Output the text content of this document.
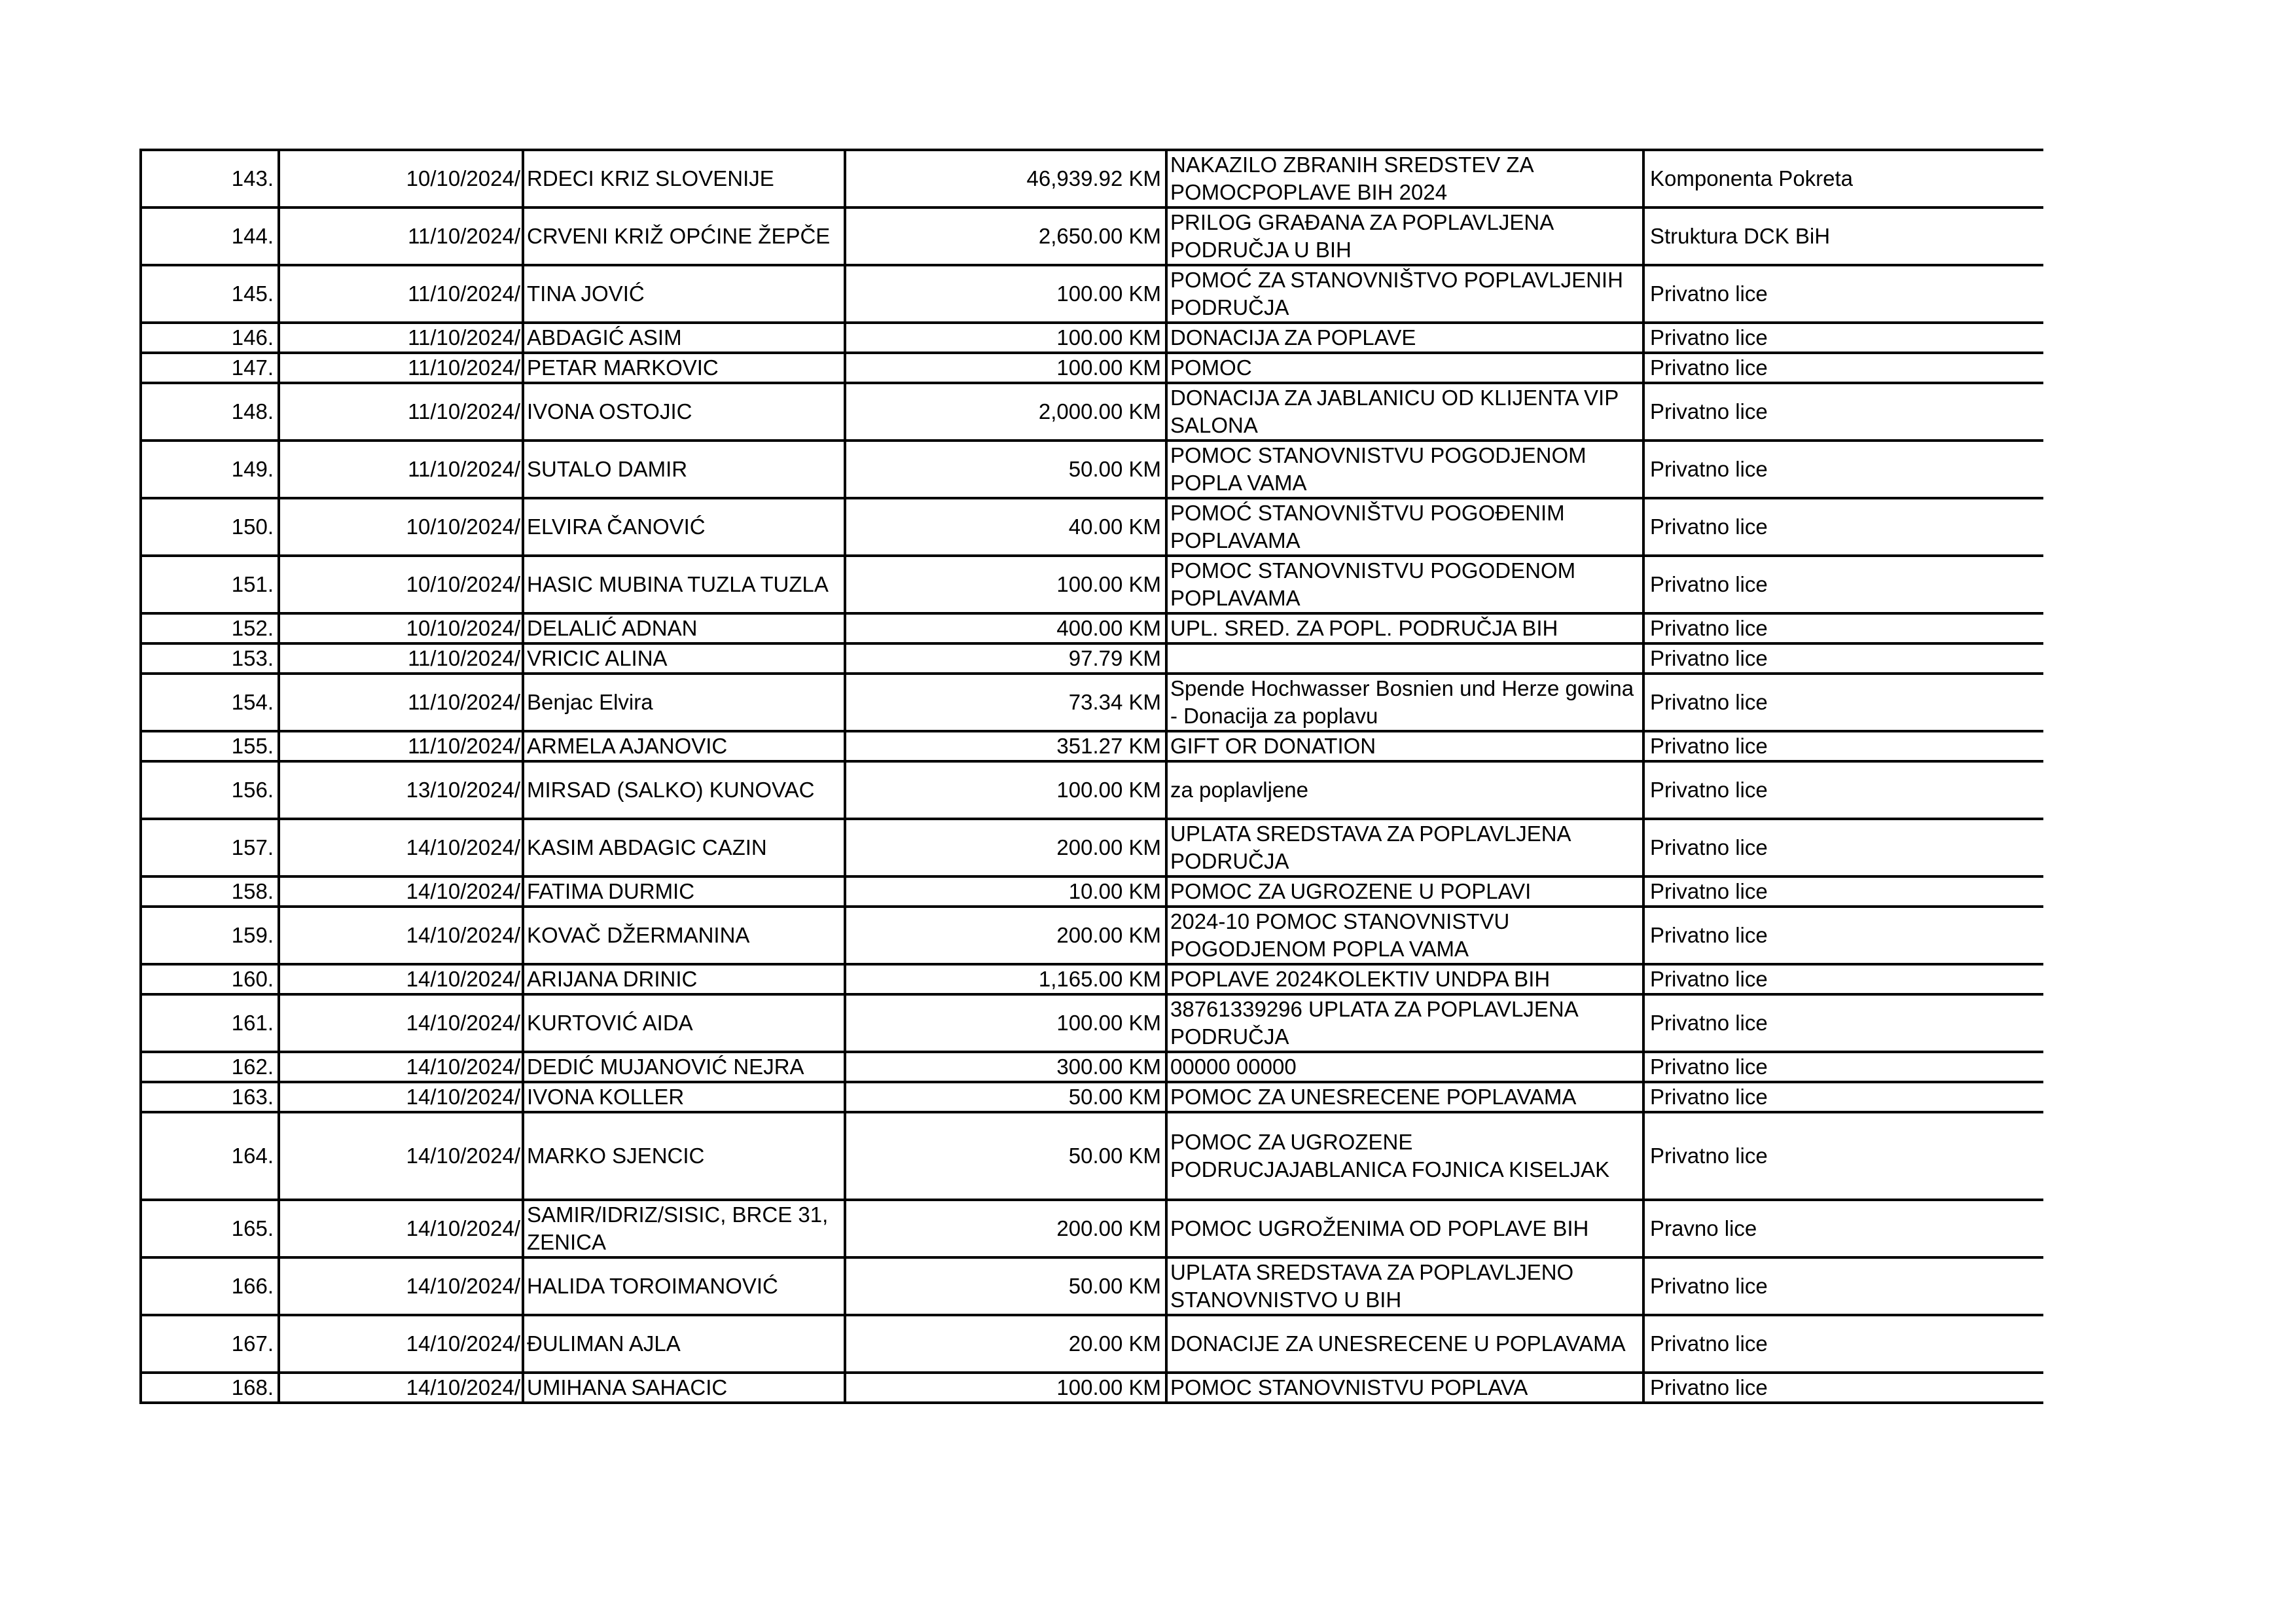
143.	10/10/2024/	RDECI KRIZ SLOVENIJE	46,939.92 KM	NAKAZILO ZBRANIH SREDSTEV ZA POMOCPOPLAVE BIH 2024	Komponenta Pokreta
144.	11/10/2024/	CRVENI KRIŽ OPĆINE ŽEPČE	2,650.00 KM	PRILOG GRAĐANA ZA POPLAVLJENA PODRUČJA U BIH	Struktura DCK BiH
145.	11/10/2024/	TINA JOVIĆ	100.00 KM	POMOĆ ZA STANOVNIŠTVO POPLAVLJENIH PODRUČJA	Privatno lice
146.	11/10/2024/	ABDAGIĆ ASIM	100.00 KM	DONACIJA ZA POPLAVE	Privatno lice
147.	11/10/2024/	PETAR MARKOVIC	100.00 KM	POMOC	Privatno lice
148.	11/10/2024/	IVONA OSTOJIC	2,000.00 KM	DONACIJA ZA JABLANICU OD KLIJENTA VIP SALONA	Privatno lice
149.	11/10/2024/	SUTALO DAMIR	50.00 KM	POMOC STANOVNISTVU POGODJENOM POPLA VAMA	Privatno lice
150.	10/10/2024/	ELVIRA ČANOVIĆ	40.00 KM	POMOĆ STANOVNIŠTVU POGOĐENIM POPLAVAMA	Privatno lice
151.	10/10/2024/	HASIC MUBINA TUZLA TUZLA	100.00 KM	POMOC STANOVNISTVU POGODENOM POPLAVAMA	Privatno lice
152.	10/10/2024/	DELALIĆ ADNAN	400.00 KM	UPL. SRED. ZA POPL. PODRUČJA BIH	Privatno lice
153.	11/10/2024/	VRICIC ALINA	97.79 KM		Privatno lice
154.	11/10/2024/	Benjac Elvira	73.34 KM	Spende Hochwasser Bosnien und Herze gowina - Donacija za poplavu	Privatno lice
155.	11/10/2024/	ARMELA AJANOVIC	351.27 KM	GIFT OR DONATION	Privatno lice
156.	13/10/2024/	MIRSAD (SALKO) KUNOVAC	100.00 KM	za poplavljene	Privatno lice
157.	14/10/2024/	KASIM ABDAGIC CAZIN	200.00 KM	UPLATA SREDSTAVA ZA POPLAVLJENA PODRUČJA	Privatno lice
158.	14/10/2024/	FATIMA DURMIC	10.00 KM	POMOC ZA UGROZENE U POPLAVI	Privatno lice
159.	14/10/2024/	KOVAČ DŽERMANINA	200.00 KM	2024-10 POMOC STANOVNISTVU POGODJENOM POPLA VAMA	Privatno lice
160.	14/10/2024/	ARIJANA DRINIC	1,165.00 KM	POPLAVE 2024KOLEKTIV UNDPA BIH	Privatno lice
161.	14/10/2024/	KURTOVIĆ AIDA	100.00 KM	38761339296 UPLATA ZA POPLAVLJENA PODRUČJA	Privatno lice
162.	14/10/2024/	DEDIĆ MUJANOVIĆ NEJRA	300.00 KM	00000 00000	Privatno lice
163.	14/10/2024/	IVONA KOLLER	50.00 KM	POMOC ZA UNESRECENE POPLAVAMA	Privatno lice
164.	14/10/2024/	MARKO SJENCIC	50.00 KM	POMOC ZA UGROZENE PODRUCJAJABLANICA FOJNICA KISELJAK	Privatno lice
165.	14/10/2024/	SAMIR/IDRIZ/SISIC, BRCE 31, ZENICA	200.00 KM	POMOC UGROŽENIMA OD POPLAVE BIH	Pravno lice
166.	14/10/2024/	HALIDA TOROIMANOVIĆ	50.00 KM	UPLATA SREDSTAVA ZA POPLAVLJENO STANOVNISTVO U BIH	Privatno lice
167.	14/10/2024/	ĐULIMAN AJLA	20.00 KM	DONACIJE ZA UNESRECENE U POPLAVAMA	Privatno lice
168.	14/10/2024/	UMIHANA SAHACIC	100.00 KM	POMOC STANOVNISTVU POPLAVA	Privatno lice
